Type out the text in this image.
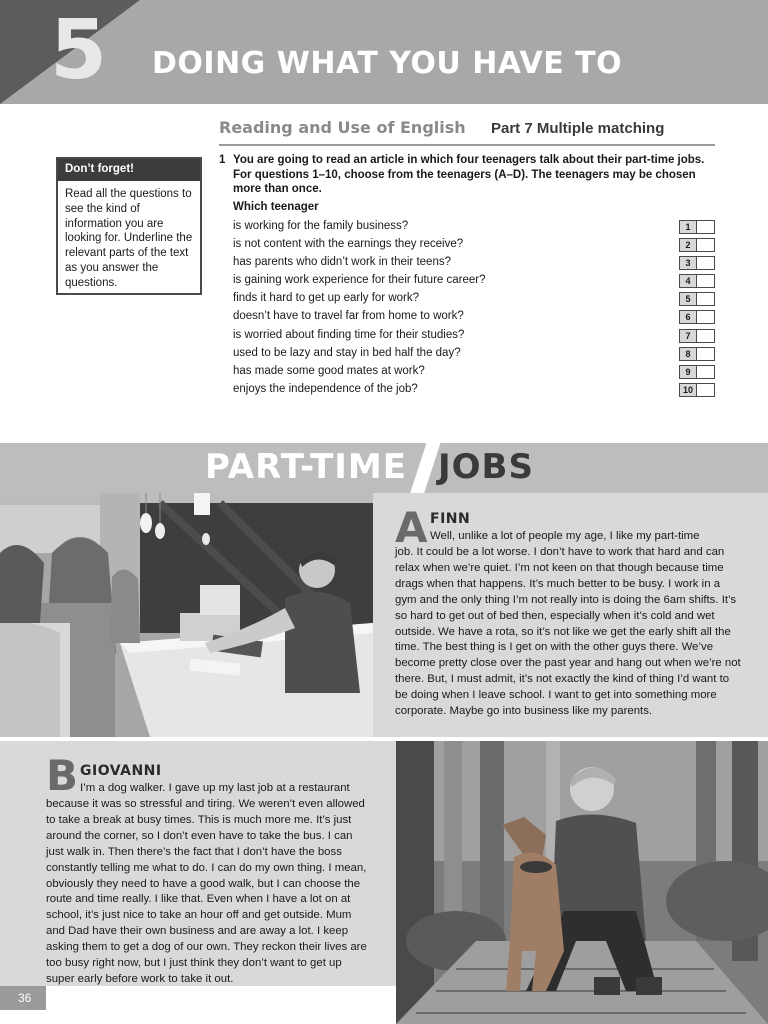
5 DOING WHAT YOU HAVE TO
Reading and Use of English Part 7 Multiple matching
Don’t forget!
Read all the questions to see the kind of information you are looking for. Underline the relevant parts of the text as you answer the questions.
1 You are going to read an article in which four teenagers talk about their part-time jobs. For questions 1–10, choose from the teenagers (A–D). The teenagers may be chosen more than once.
Which teenager
is working for the family business?	1
is not content with the earnings they receive?	2
has parents who didn’t work in their teens?	3
is gaining work experience for their future career?	4
finds it hard to get up early for work?	5
doesn’t have to travel far from home to work?	6
is worried about finding time for their studies?	7
used to be lazy and stay in bed half the day?	8
has made some good mates at work?	9
enjoys the independence of the job?	10
PART-TIME JOBS
A FINN
Well, unlike a lot of people my age, I like my part-time
job. It could be a lot worse. I don’t have to work that hard and can relax when we’re quiet. I’m not keen on that though because time drags when that happens. It’s much better to be busy. I work in a gym and the only thing I’m not really into is doing the 6am shifts. It’s so hard to get out of bed then, especially when it’s cold and wet outside. We have a rota, so it’s not like we get the early shift all the time. The best thing is I get on with the other guys there. We’ve become pretty close over the past year and hang out when we’re not there. But, I must admit, it’s not exactly the kind of thing I’d want to be doing when I leave school. I want to get into something more corporate. Maybe go into business like my parents.
B GIOVANNI
I’m a dog walker. I gave up my last job at a restaurant
because it was so stressful and tiring. We weren’t even allowed to take a break at busy times. This is much more me. It’s just around the corner, so I don’t even have to take the bus. I can just walk in. Then there’s the fact that I don’t have the boss constantly telling me what to do. I can do my own thing. I mean, obviously they need to have a good walk, but I can choose the route and time really. I like that. Even when I have a lot on at school, it’s just nice to take an hour off and get outside. Mum and Dad have their own business and are away a lot. I keep asking them to get a dog of our own. They reckon their lives are too busy right now, but I just think they don’t want to get up super early before work to take it out.
36
